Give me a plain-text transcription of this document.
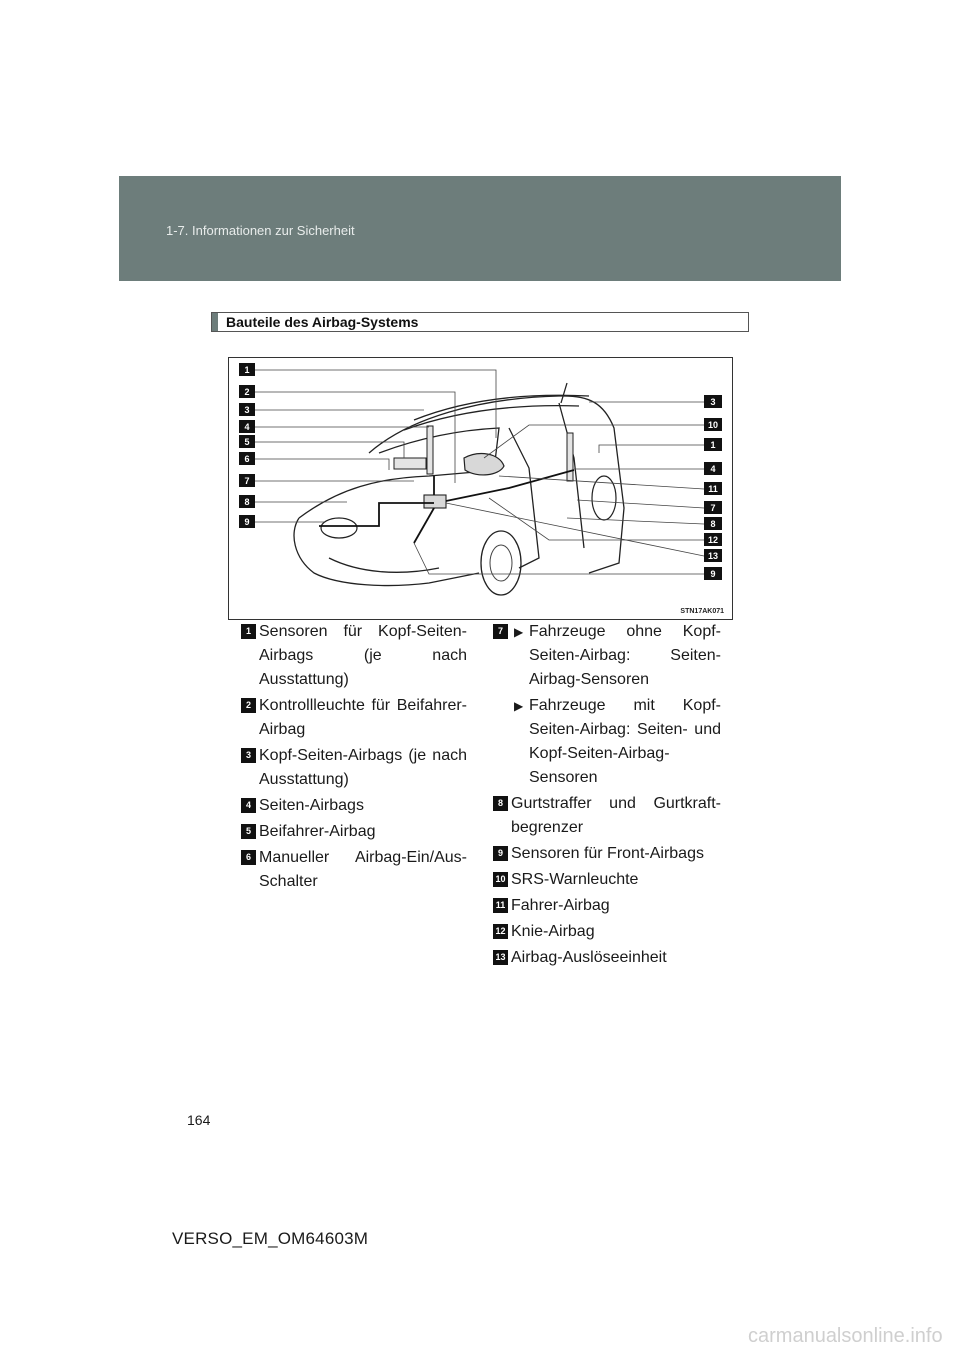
1-7. Informationen zur Sicherheit
Bauteile des Airbag-Systems
1
2
3
4
5
6
7
8
9
3
10
1
4
11
7
8
12
13
9
STN17AK071
1 Sensoren für Kopf-Seiten-Airbags (je nach Ausstattung)

2 Kontrollleuchte für Beifahrer-Airbag

3 Kopf-Seiten-Airbags (je nach Ausstattung)

4 Seiten-Airbags

5 Beifahrer-Airbag

6 Manueller Airbag-Ein/Aus-Schalter

7 ▶ Fahrzeuge ohne Kopf-Seiten-Airbag: Seiten-Airbag-Sensoren

▶ Fahrzeuge mit Kopf-Seiten-Airbag: Seiten- und Kopf-Seiten-Airbag-Sensoren

8 Gurtstraffer und Gurtkraft-begrenzer

9 Sensoren für Front-Airbags

10 SRS-Warnleuchte

11 Fahrer-Airbag

12 Knie-Airbag

13 Airbag-Auslöseeinheit

164
VERSO_EM_OM64603M
carmanualsonline.info
